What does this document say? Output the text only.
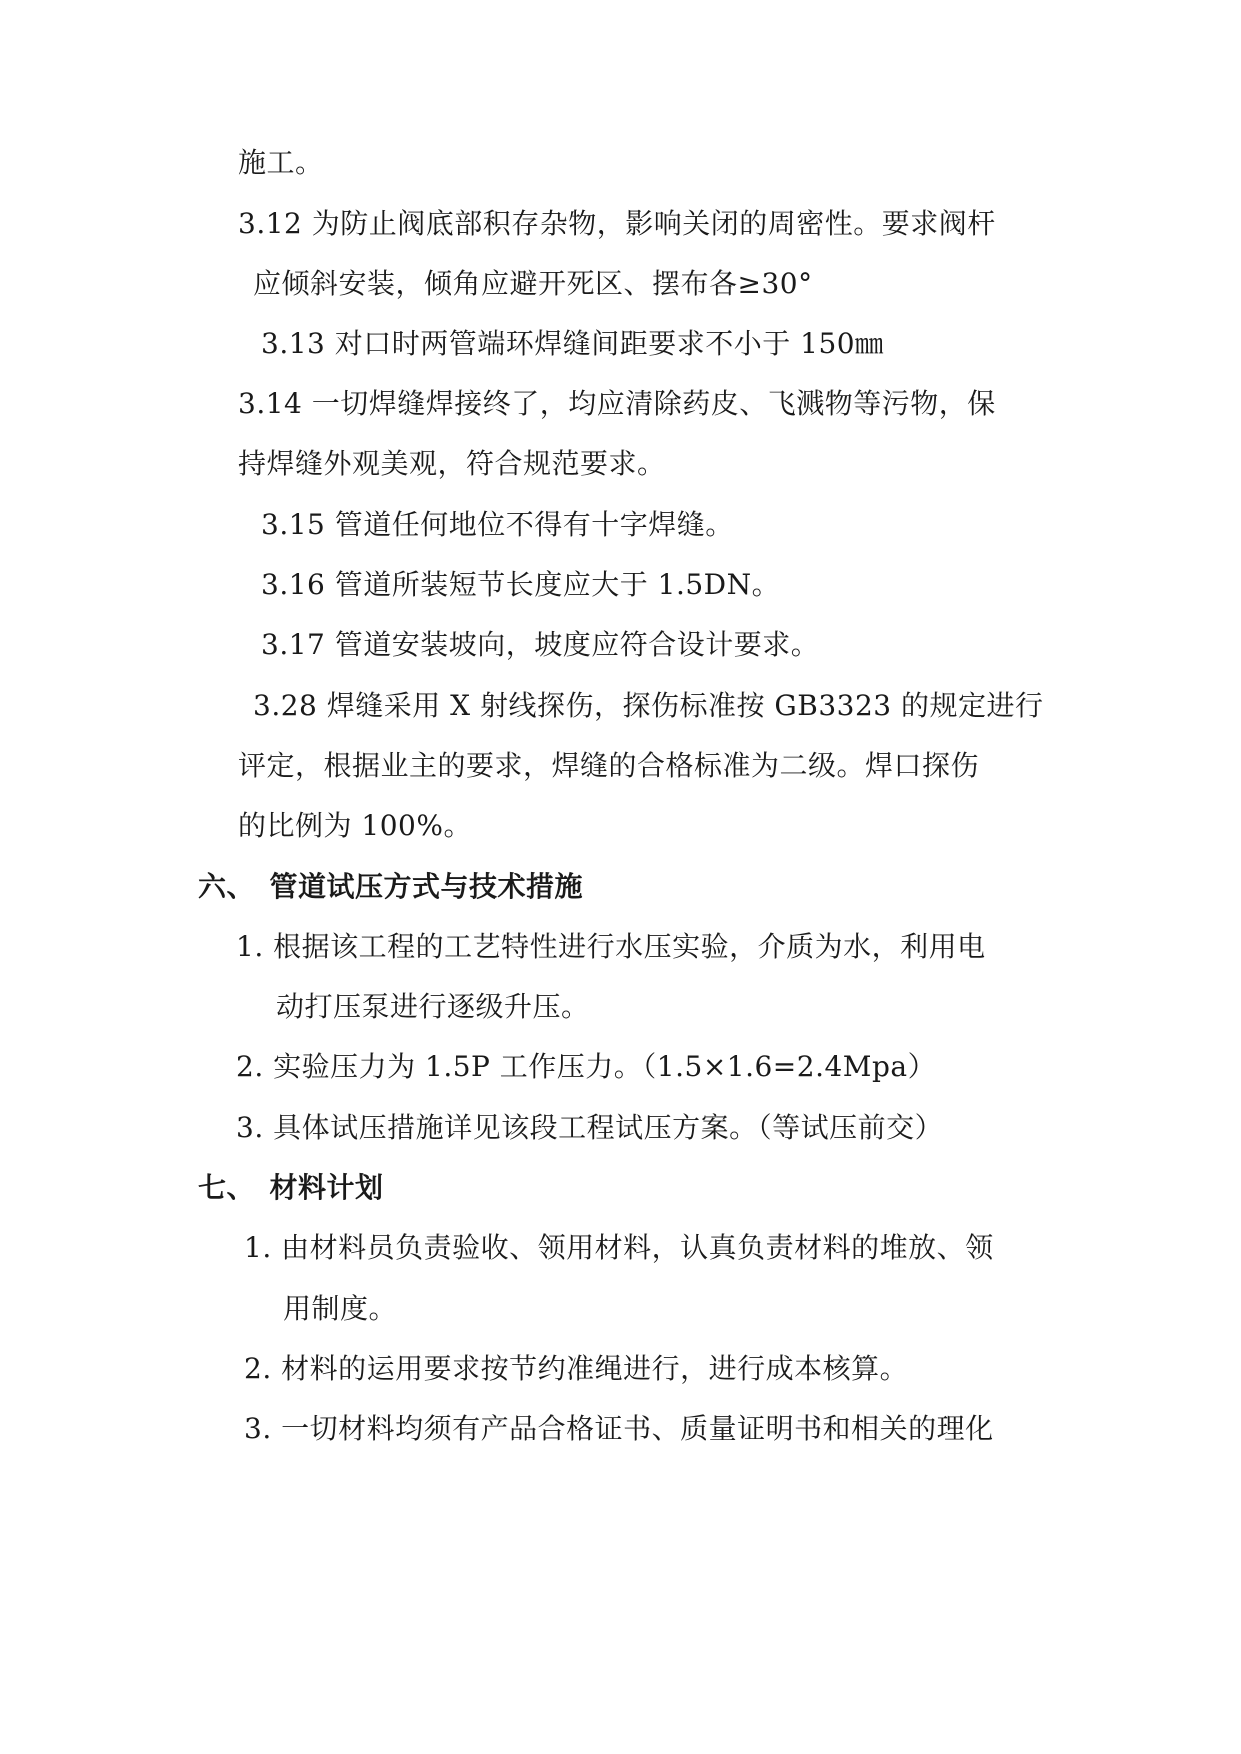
施工。
3.12 为防止阀底部积存杂物，影响关闭的周密性。要求阀杆
应倾斜安装，倾角应避开死区、摆布各≥30°
3.13 对口时两管端环焊缝间距要求不小于 150㎜
3.14 一切焊缝焊接终了，均应清除药皮、飞溅物等污物，保
持焊缝外观美观，符合规范要求。
3.15 管道任何地位不得有十字焊缝。
3.16 管道所装短节长度应大于 1.5DN。
3.17 管道安装坡向，坡度应符合设计要求。
3.28 焊缝采用 X 射线探伤，探伤标准按 GB3323 的规定进行
评定，根据业主的要求，焊缝的合格标准为二级。焊口探伤
的比例为 100%。
六、　管道试压方式与技术措施
1. 根据该工程的工艺特性进行水压实验，介质为水，利用电
动打压泵进行逐级升压。
2. 实验压力为 1.5P 工作压力。（1.5×1.6=2.4Mpa）
3. 具体试压措施详见该段工程试压方案。（等试压前交）
七、　材料计划
1. 由材料员负责验收、领用材料，认真负责材料的堆放、领
用制度。
2. 材料的运用要求按节约准绳进行，进行成本核算。
3. 一切材料均须有产品合格证书、质量证明书和相关的理化
